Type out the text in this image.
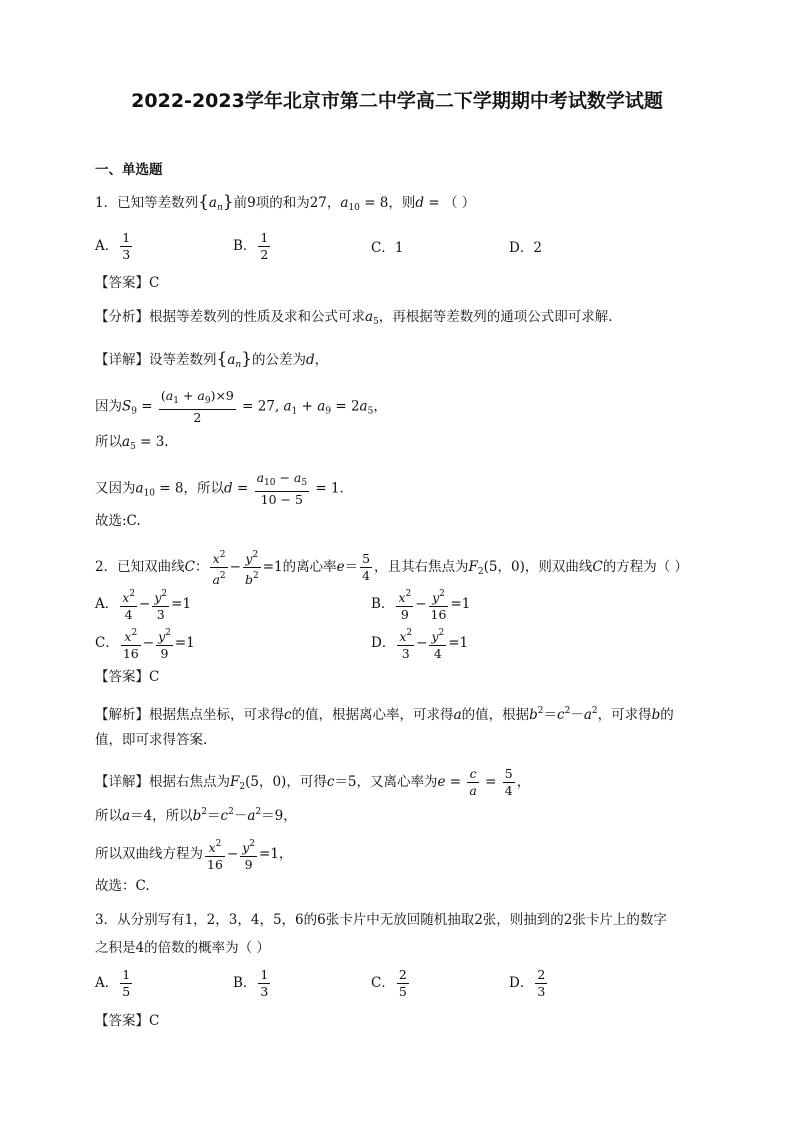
2022-2023学年北京市第二中学高二下学期期中考试数学试题
一、单选题
1．已知等差数列$\{a_n\}$前9项的和为27，$a_{10} = 8$，则d = （ ）
A． $\frac{1}{3}$	B． $\frac{1}{2}$	C．1	D．2
【答案】C
【分析】根据等差数列的性质及求和公式可求$a_5$，再根据等差数列的通项公式即可求解.
【详解】设等差数列$\{a_n\}$的公差为d，
因为$S_9 = \frac{(a_1 + a_9)\times 9}{2} = 27$, $a_1 + a_9 = 2a_5$，
所以$a_5 = 3$.
又因为$a_{10} = 8$，所以$d = \frac{a_{10} - a_5}{10 - 5} = 1$.
故选:C.
2．已知双曲线C： $\frac{x^2}{a^2} - \frac{y^2}{b^2} =1$的离心率$e= \frac{5}{4}$ ，且其右焦点为$F_2(5$，0)，则双曲线C的方程为（ ）
A． $\frac{x^2}{4} - \frac{y^2}{3} =1$	B． $\frac{x^2}{9} - \frac{y^2}{16} =1$
C． $\frac{x^2}{16} - \frac{y^2}{9} =1$	D． $\frac{x^2}{3} - \frac{y^2}{4} =1$
【答案】C
【解析】根据焦点坐标，可求得c的值，根据离心率，可求得a的值，根据$b^2=c^2-a^2$，可求得b的
值，即可求得答案.
【详解】根据右焦点为$F_2(5$，0)，可得c＝5，又离心率为$e = \frac{c}{a} = \frac{5}{4}$ ，
所以a＝4，所以$b^2=c^2-a^2=9$，
所以双曲线方程为 $\frac{x^2}{16} - \frac{y^2}{9} =1$，
故选：C.
3．从分别写有1，2，3，4，5，6的6张卡片中无放回随机抽取2张，则抽到的2张卡片上的数字
之积是4的倍数的概率为（ ）
A． $\frac{1}{5}$	B． $\frac{1}{3}$	C． $\frac{2}{5}$	D． $\frac{2}{3}$
【答案】C
